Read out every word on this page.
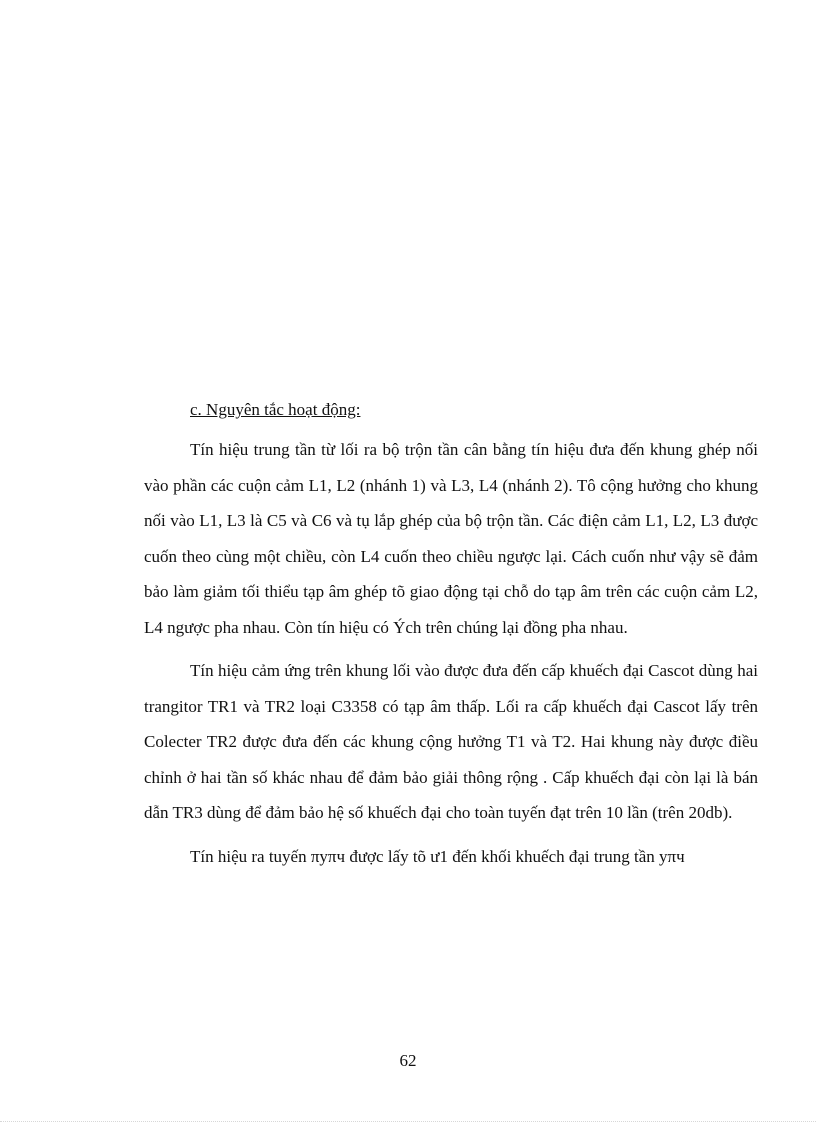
c. Nguyên tắc hoạt động:

Tín hiệu trung tần từ lối ra bộ trộn tần cân bằng tín hiệu đưa đến khung ghép nối vào phần các cuộn cảm L1, L2 (nhánh 1) và L3, L4 (nhánh 2). Tô cộng hưởng cho khung nối vào L1, L3 là C5 và C6 và tụ lắp ghép của bộ trộn tần. Các điện cảm L1, L2, L3 được cuốn theo cùng một chiều, còn L4 cuốn theo chiều ngược lại. Cách cuốn như vậy sẽ đảm bảo làm giảm tối thiểu tạp âm ghép tõ giao động tại chỗ do tạp âm trên các cuộn cảm L2, L4 ngược pha nhau. Còn tín hiệu có Ých trên chúng lại đồng pha nhau.

Tín hiệu cảm ứng trên khung lối vào được đưa đến cấp khuếch đại Cascot dùng hai trangitor TR1 và TR2 loại C3358 có tạp âm thấp. Lối ra cấp khuếch đại Cascot lấy trên Colecter TR2 được đưa đến các khung cộng hưởng T1 và T2. Hai khung này được điều chỉnh ở hai tần số khác nhau để đảm bảo giải thông rộng . Cấp khuếch đại còn lại là bán dẫn TR3 dùng để đảm bảo hệ số khuếch đại cho toàn tuyến đạt trên 10 lần (trên 20db).

Tín hiệu ra tuyến πyπч được lấy tõ ư1 đến khối khuếch đại trung tần yπч

62
